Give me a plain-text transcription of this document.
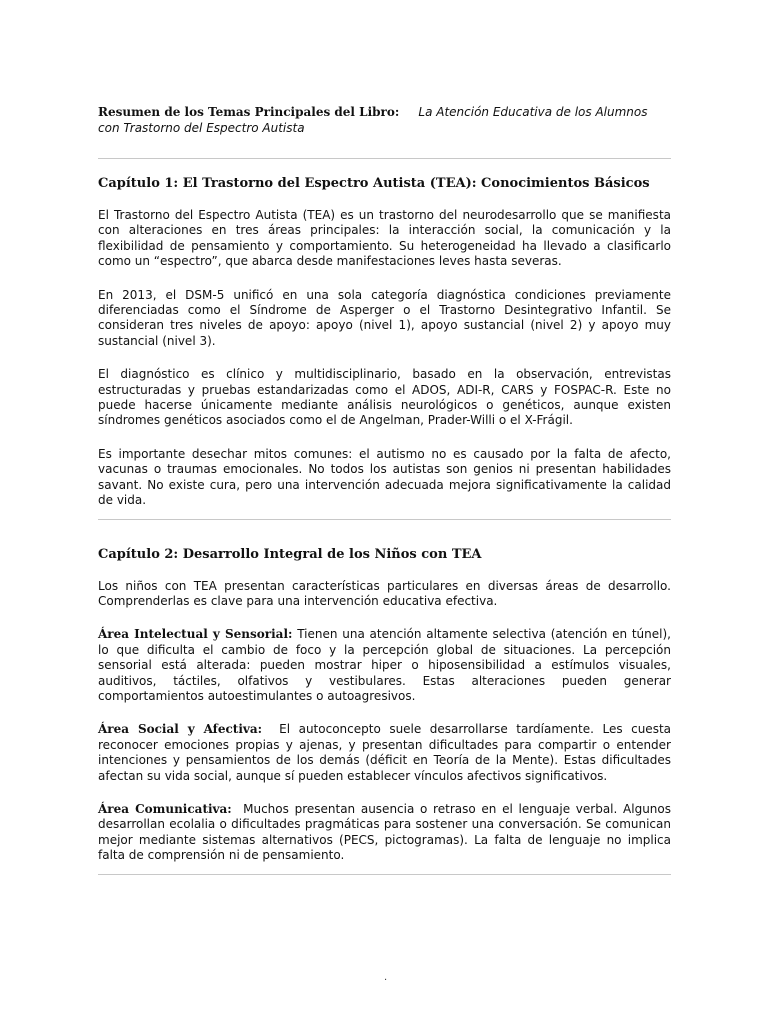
Resumen de los Temas Principales del Libro: La Atención Educativa de los Alumnos con Trastorno del Espectro Autista

Capítulo 1: El Trastorno del Espectro Autista (TEA): Conocimientos Básicos

El Trastorno del Espectro Autista (TEA) es un trastorno del neurodesarrollo que se manifiesta con alteraciones en tres áreas principales: la interacción social, la comunicación y la flexibilidad de pensamiento y comportamiento. Su heterogeneidad ha llevado a clasificarlo como un “espectro”, que abarca desde manifestaciones leves hasta severas.

En 2013, el DSM-5 unificó en una sola categoría diagnóstica condiciones previamente diferenciadas como el Síndrome de Asperger o el Trastorno Desintegrativo Infantil. Se consideran tres niveles de apoyo: apoyo (nivel 1), apoyo sustancial (nivel 2) y apoyo muy sustancial (nivel 3).

El diagnóstico es clínico y multidisciplinario, basado en la observación, entrevistas estructuradas y pruebas estandarizadas como el ADOS, ADI-R, CARS y FOSPAC-R. Este no puede hacerse únicamente mediante análisis neurológicos o genéticos, aunque existen síndromes genéticos asociados como el de Angelman, Prader-Willi o el X-Frágil.

Es importante desechar mitos comunes: el autismo no es causado por la falta de afecto, vacunas o traumas emocionales. No todos los autistas son genios ni presentan habilidades savant. No existe cura, pero una intervención adecuada mejora significativamente la calidad de vida.

Capítulo 2: Desarrollo Integral de los Niños con TEA

Los niños con TEA presentan características particulares en diversas áreas de desarrollo. Comprenderlas es clave para una intervención educativa efectiva.

Área Intelectual y Sensorial: Tienen una atención altamente selectiva (atención en túnel), lo que dificulta el cambio de foco y la percepción global de situaciones. La percepción sensorial está alterada: pueden mostrar hiper o hiposensibilidad a estímulos visuales, auditivos, táctiles, olfativos y vestibulares. Estas alteraciones pueden generar comportamientos autoestimulantes o autoagresivos.

Área Social y Afectiva: El autoconcepto suele desarrollarse tardíamente. Les cuesta reconocer emociones propias y ajenas, y presentan dificultades para compartir o entender intenciones y pensamientos de los demás (déficit en Teoría de la Mente). Estas dificultades afectan su vida social, aunque sí pueden establecer vínculos afectivos significativos.

Área Comunicativa: Muchos presentan ausencia o retraso en el lenguaje verbal. Algunos desarrollan ecolalia o dificultades pragmáticas para sostener una conversación. Se comunican mejor mediante sistemas alternativos (PECS, pictogramas). La falta de lenguaje no implica falta de comprensión ni de pensamiento.

.
